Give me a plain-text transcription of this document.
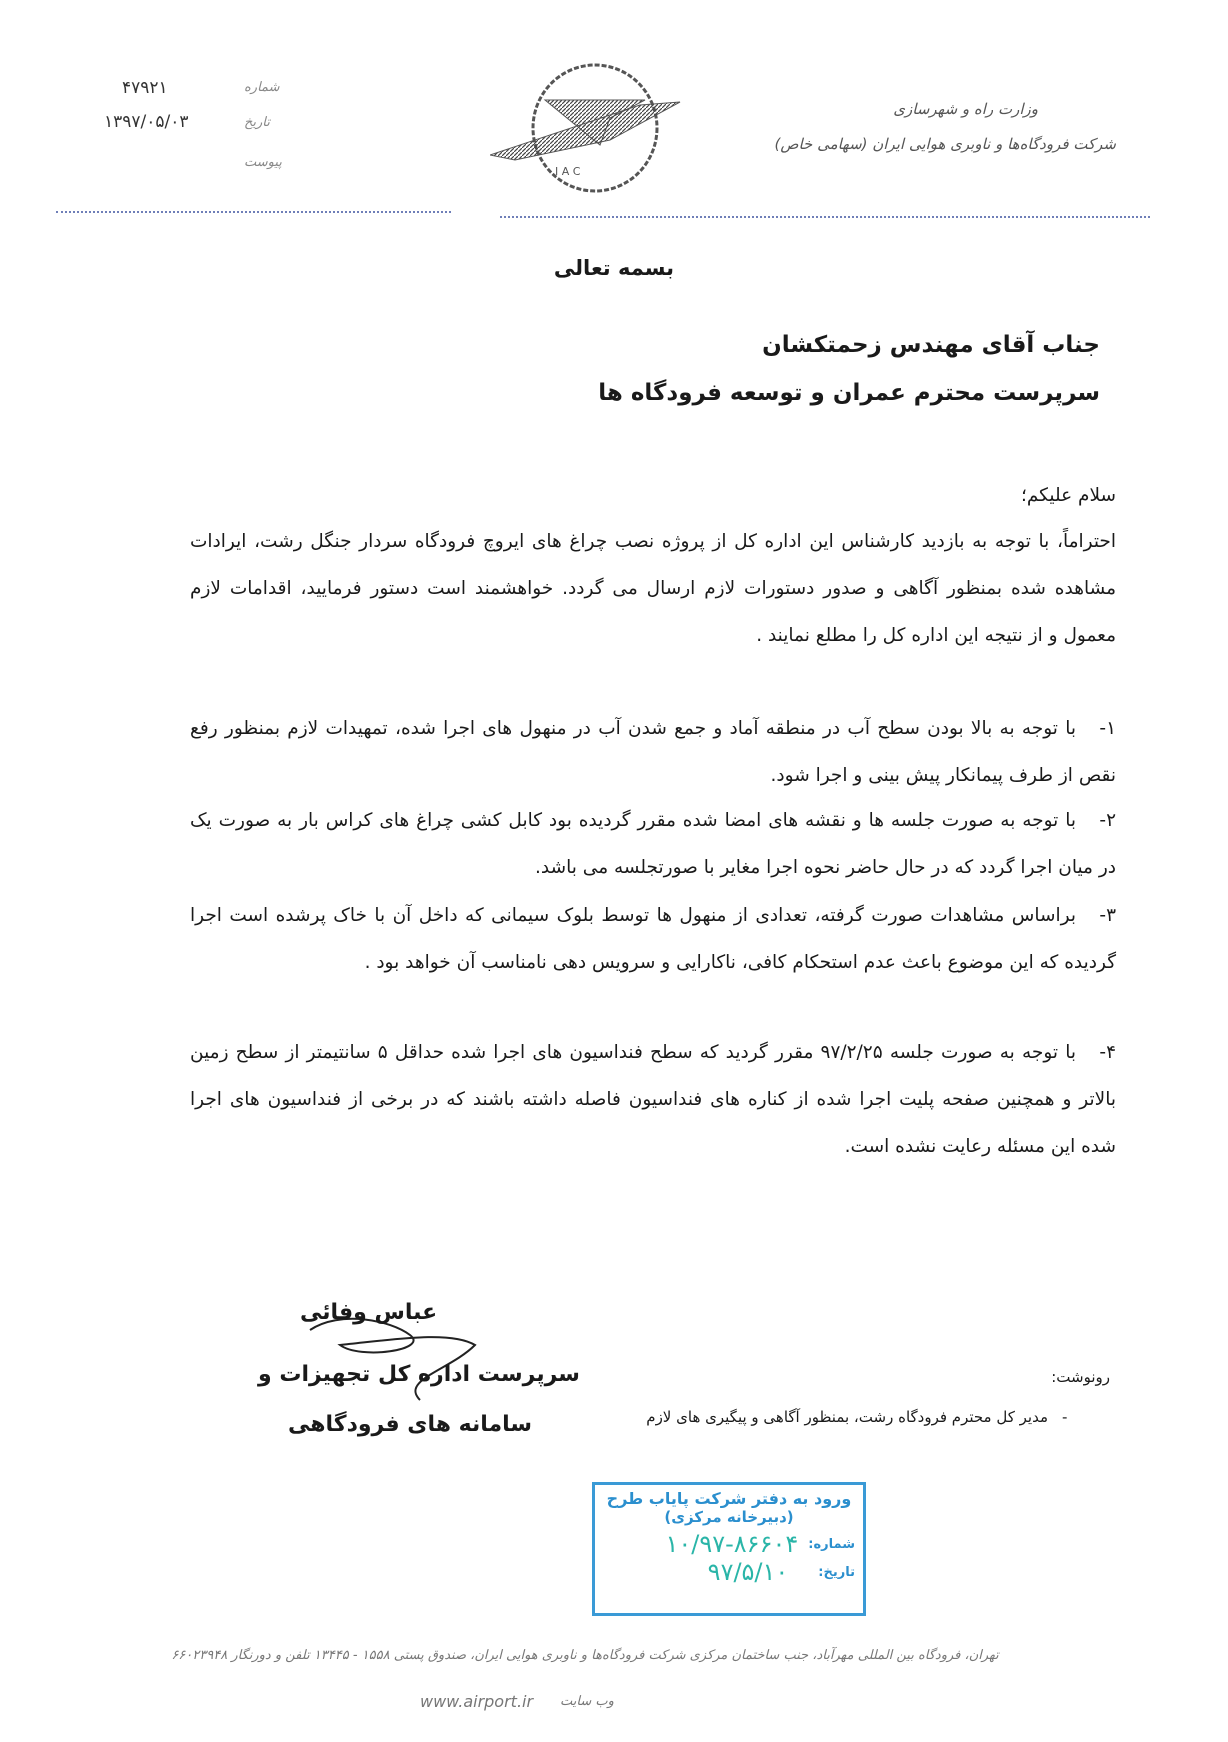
شماره
۴۷۹۲۱
تاریخ
۱۳۹۷/۰۵/۰۳
پیوست
I A C
وزارت راه و شهرسازی
شرکت فرودگاه‌ها و ناوبری هوایی ایران (سهامی خاص)
بسمه تعالی
جناب آقای مهندس زحمتکشان
سرپرست محترم عمران و توسعه فرودگاه ها
سلام علیکم؛
احتراماً، با توجه به بازدید کارشناس این اداره کل از پروژه نصب چراغ های ایروچ فرودگاه سردار جنگل رشت، ایرادات مشاهده شده بمنظور آگاهی و صدور دستورات لازم ارسال می گردد. خواهشمند است دستور فرمایید، اقدامات لازم معمول و از نتیجه این اداره کل را مطلع نمایند .
۱-
با توجه به بالا بودن سطح آب در منطقه آماد و جمع شدن آب در منهول های اجرا شده، تمهیدات لازم بمنظور رفع نقص از طرف پیمانکار پیش بینی و اجرا شود.
۲-
با توجه به صورت جلسه ها و نقشه های امضا شده مقرر گردیده بود کابل کشی چراغ های کراس بار به صورت یک در میان اجرا گردد که در حال حاضر نحوه اجرا مغایر با صورتجلسه می باشد.
۳-
براساس مشاهدات صورت گرفته، تعدادی از منهول ها توسط بلوک سیمانی که داخل آن با خاک پرشده است اجرا گردیده که این موضوع باعث عدم استحکام کافی، ناکارایی و سرویس دهی نامناسب آن خواهد بود .
۴-
با توجه به صورت جلسه ۹۷/۲/۲۵ مقرر گردید که سطح فنداسیون های اجرا شده حداقل ۵ سانتیمتر از سطح زمین بالاتر و همچنین صفحه پلیت اجرا شده از کناره های فنداسیون فاصله داشته باشند که در برخی از فنداسیون های اجرا شده این مسئله رعایت نشده است.
عباس وفائی
سرپرست اداره کل تجهیزات و
سامانه های فرودگاهی
رونوشت:
-
مدیر کل محترم فرودگاه رشت، بمنظور آگاهی و پیگیری های لازم
ورود به دفتر شرکت پایاب طرح
(دبیرخانه مرکزی)
شماره:
۱۰/۹۷-۸۶۶۰۴
تاریخ:
۹۷/۵/۱۰
تهران، فرودگاه بین المللی مهرآباد، جنب ساختمان مرکزی شرکت فرودگاه‌ها و ناوبری هوایی ایران، صندوق پستی ۱۵۵۸ - ۱۳۴۴۵ تلفن و دورنگار ۶۶۰۲۳۹۴۸
www.airport.ir وب سایت
